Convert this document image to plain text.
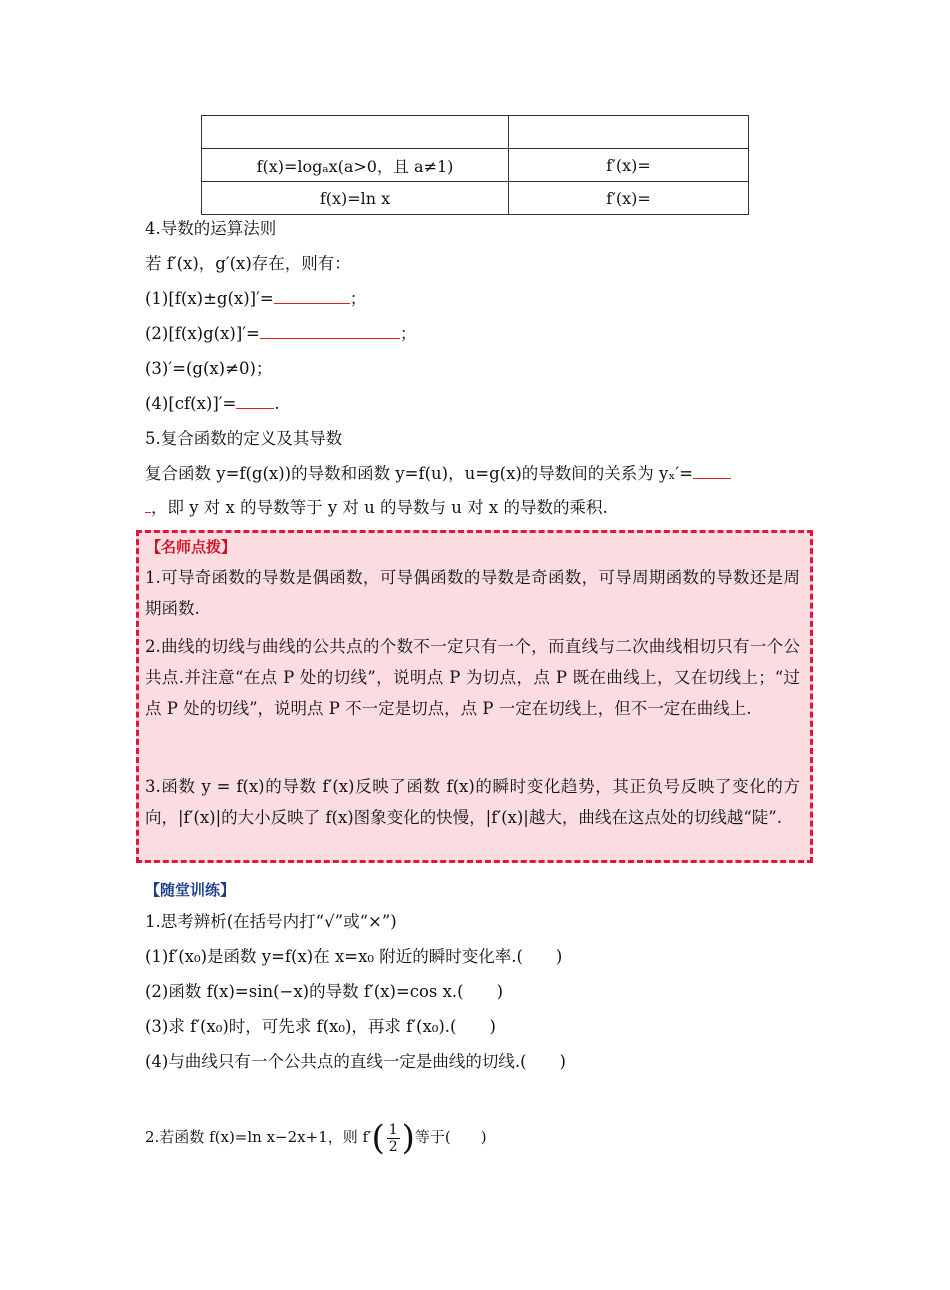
f(x)=logₐx(a>0，且 a≠1)	f′(x)=
f(x)=ln x	f′(x)=
4.导数的运算法则
若 f′(x)，g′(x)存在，则有：
(1)[f(x)±g(x)]′=	；
(2)[f(x)g(x)]′=	；
(3)′=(g(x)≠0)；
(4)[cf(x)]′= .
5.复合函数的定义及其导数
复合函数 y=f(g(x))的导数和函数 y=f(u)，u=g(x)的导数间的关系为 yₓ′=
，即 y 对 x 的导数等于 y 对 u 的导数与 u 对 x 的导数的乘积.
【名师点拨】
1.可导奇函数的导数是偶函数，可导偶函数的导数是奇函数，可导周期函数的导数还是周期函数.
2.曲线的切线与曲线的公共点的个数不一定只有一个，而直线与二次曲线相切只有一个公共点.并注意“在点 P 处的切线”，说明点 P 为切点，点 P 既在曲线上，又在切线上；“过点 P 处的切线”，说明点 P 不一定是切点，点 P 一定在切线上，但不一定在曲线上.
3.函数 y = f(x)的导数 f′(x)反映了函数 f(x)的瞬时变化趋势，其正负号反映了变化的方向，|f′(x)|的大小反映了 f(x)图象变化的快慢，|f′(x)|越大，曲线在这点处的切线越“陡”.
【随堂训练】
1.思考辨析(在括号内打“√”或“×”)
(1)f′(x₀)是函数 y=f(x)在 x=x₀ 附近的瞬时变化率.(　　)
(2)函数 f(x)=sin(−x)的导数 f′(x)=cos x.(　　)
(3)求 f′(x₀)时，可先求 f(x₀)，再求 f′(x₀).(　　)
(4)与曲线只有一个公共点的直线一定是曲线的切线.(　　)
2.若函数 f(x)=ln x−2x+1，则 $f'( \frac{1}{2}$ )等于(　　)
